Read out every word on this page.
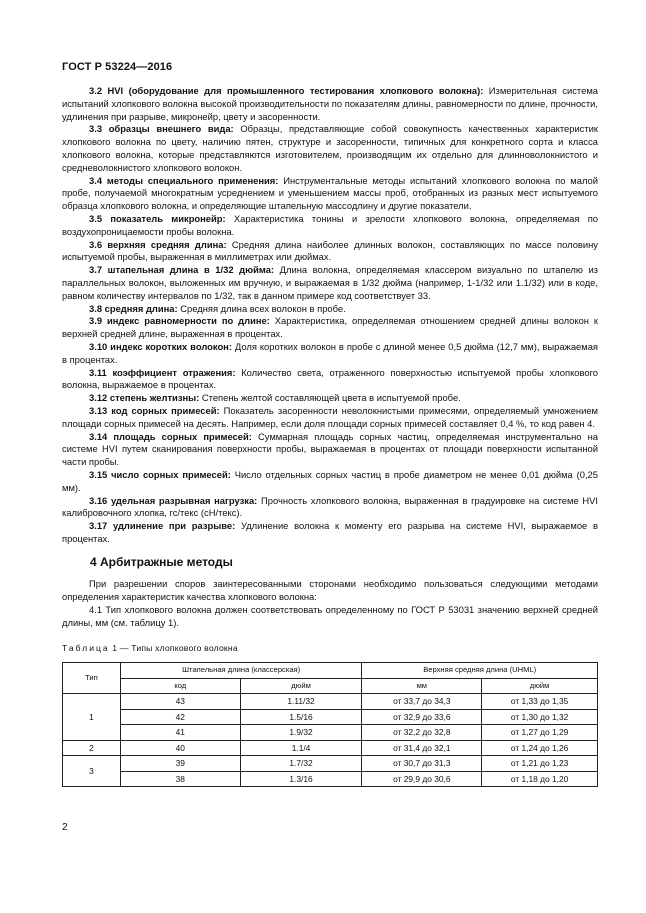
ГОСТ Р 53224—2016

3.2 HVI (оборудование для промышленного тестирования хлопкового волокна): Измерительная система испытаний хлопкового волокна высокой производительности по показателям длины, равномерности по длине, прочности, удлинения при разрыве, микронейр, цвету и засоренности.

3.3 образцы внешнего вида: Образцы, представляющие собой совокупность качественных характеристик хлопкового волокна по цвету, наличию пятен, структуре и засоренности, типичных для конкретного сорта и класса хлопкового волокна, которые представляются изготовителем, производящим их отдельно для длинноволокнистого и средневолокнистого хлопкового волокон.

3.4 методы специального применения: Инструментальные методы испытаний хлопкового волокна по малой пробе, получаемой многократным усреднением и уменьшением массы проб, отобранных из разных мест испытуемого образца хлопкового волокна, и определяющие штапельную массодлину и другие показатели.

3.5 показатель микронейр: Характеристика тонины и зрелости хлопкового волокна, определяемая по воздухопроницаемости пробы волокна.

3.6 верхняя средняя длина: Средняя длина наиболее длинных волокон, составляющих по массе половину испытуемой пробы, выраженная в миллиметрах или дюймах.

3.7 штапельная длина в 1/32 дюйма: Длина волокна, определяемая классером визуально по штапелю из параллельных волокон, выложенных им вручную, и выражаемая в 1/32 дюйма (например, 1-1/32 или 1.1/32) или в коде, равном количеству интервалов по 1/32, так в данном примере код соответствует 33.

3.8 средняя длина: Средняя длина всех волокон в пробе.

3.9 индекс равномерности по длине: Характеристика, определяемая отношением средней длины волокон к верхней средней длине, выраженная в процентах.

3.10 индекс коротких волокон: Доля коротких волокон в пробе с длиной менее 0,5 дюйма (12,7 мм), выражаемая в процентах.

3.11 коэффициент отражения: Количество света, отраженного поверхностью испытуемой пробы хлопкового волокна, выражаемое в процентах.

3.12 степень желтизны: Степень желтой составляющей цвета в испытуемой пробе.

3.13 код сорных примесей: Показатель засоренности неволокнистыми примесями, определяемый умножением площади сорных примесей на десять. Например, если доля площади сорных примесей составляет 0,4 %, то код равен 4.

3.14 площадь сорных примесей: Суммарная площадь сорных частиц, определяемая инструментально на системе HVI путем сканирования поверхности пробы, выражаемая в процентах от площади поверхности испытанной части пробы.

3.15 число сорных примесей: Число отдельных сорных частиц в пробе диаметром не менее 0,01 дюйма (0,25 мм).

3.16 удельная разрывная нагрузка: Прочность хлопкового волокна, выраженная в градуировке на системе HVI калибровочного хлопка, гс/текс (сН/текс).

3.17 удлинение при разрыве: Удлинение волокна к моменту его разрыва на системе HVI, выражаемое в процентах.

4 Арбитражные методы

При разрешении споров заинтересованными сторонами необходимо пользоваться следующими методами определения характеристик качества хлопкового волокна:

4.1 Тип хлопкового волокна должен соответствовать определенному по ГОСТ Р 53031 значению верхней средней длины, мм (см. таблицу 1).

Таблица 1 — Типы хлопкового волокна
Тип	Штапельная длина (классерская)		Верхняя средняя длина (UHML)	
	код	дюйм	мм	дюйм
1	43	1.11/32	от 33,7 до 34,3	от 1,33 до 1,35
	42	1.5/16	от 32,9 до 33,6	от 1,30 до 1,32
	41	1.9/32	от 32,2 до 32,8	от 1,27 до 1,29
2	40	1.1/4	от 31,4 до 32,1	от 1,24 до 1,26
3	39	1.7/32	от 30,7 до 31,3	от 1,21 до 1,23
	38	1.3/16	от 29,9 до 30,6	от 1,18 до 1,20
2
